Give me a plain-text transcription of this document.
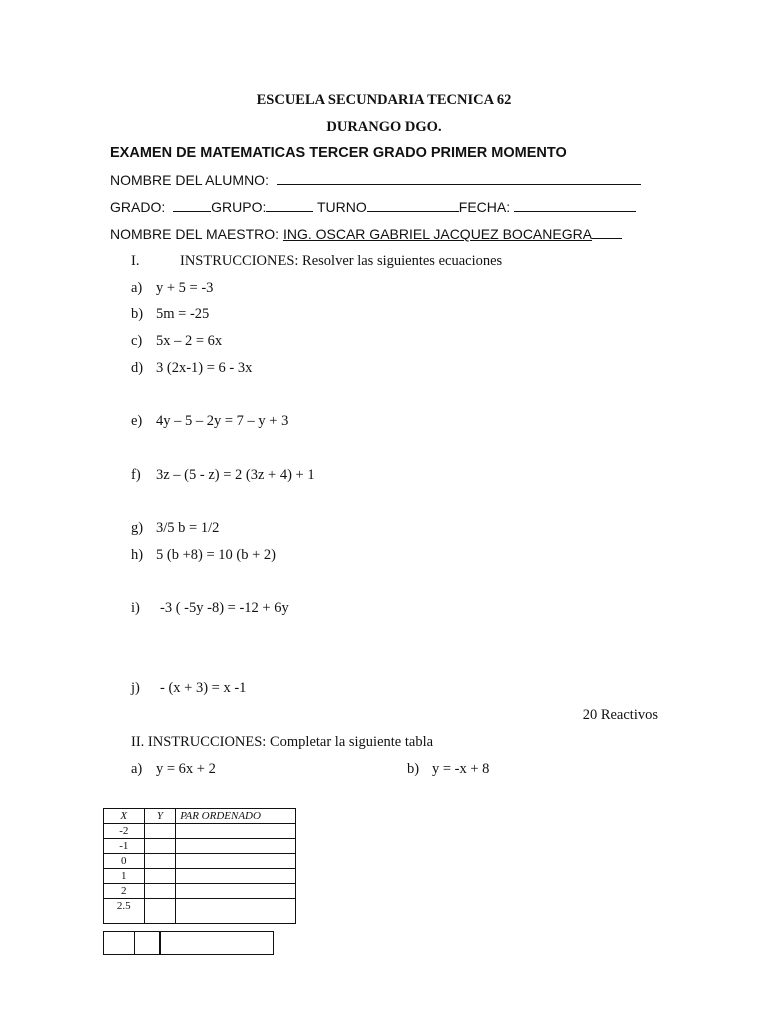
ESCUELA SECUNDARIA TECNICA 62
DURANGO DGO.
EXAMEN DE MATEMATICAS TERCER GRADO PRIMER MOMENTO
NOMBRE DEL ALUMNO:
GRADO:	GRUPO:	TURNO	FECHA:
NOMBRE DEL MAESTRO: ING. OSCAR GABRIEL JACQUEZ BOCANEGRA
I.	INSTRUCCIONES: Resolver las siguientes ecuaciones
a) y + 5 = -3
b) 5m = -25
c) 5x – 2 = 6x
d) 3 (2x-1) = 6 - 3x
e) 4y – 5 – 2y = 7 – y + 3
f) 3z – (5 - z) = 2 (3z + 4) + 1
g) 3/5 b = 1/2
h) 5 (b +8) = 10 (b + 2)
i) -3 ( -5y -8) = -12 + 6y
j) - (x + 3) = x -1
20 Reactivos
II. INSTRUCCIONES: Completar la siguiente tabla
a) y = 6x + 2	b) y = -x + 8
X	Y	PAR ORDENADO
-2		
-1		
0		
1		
2		
2.5		
